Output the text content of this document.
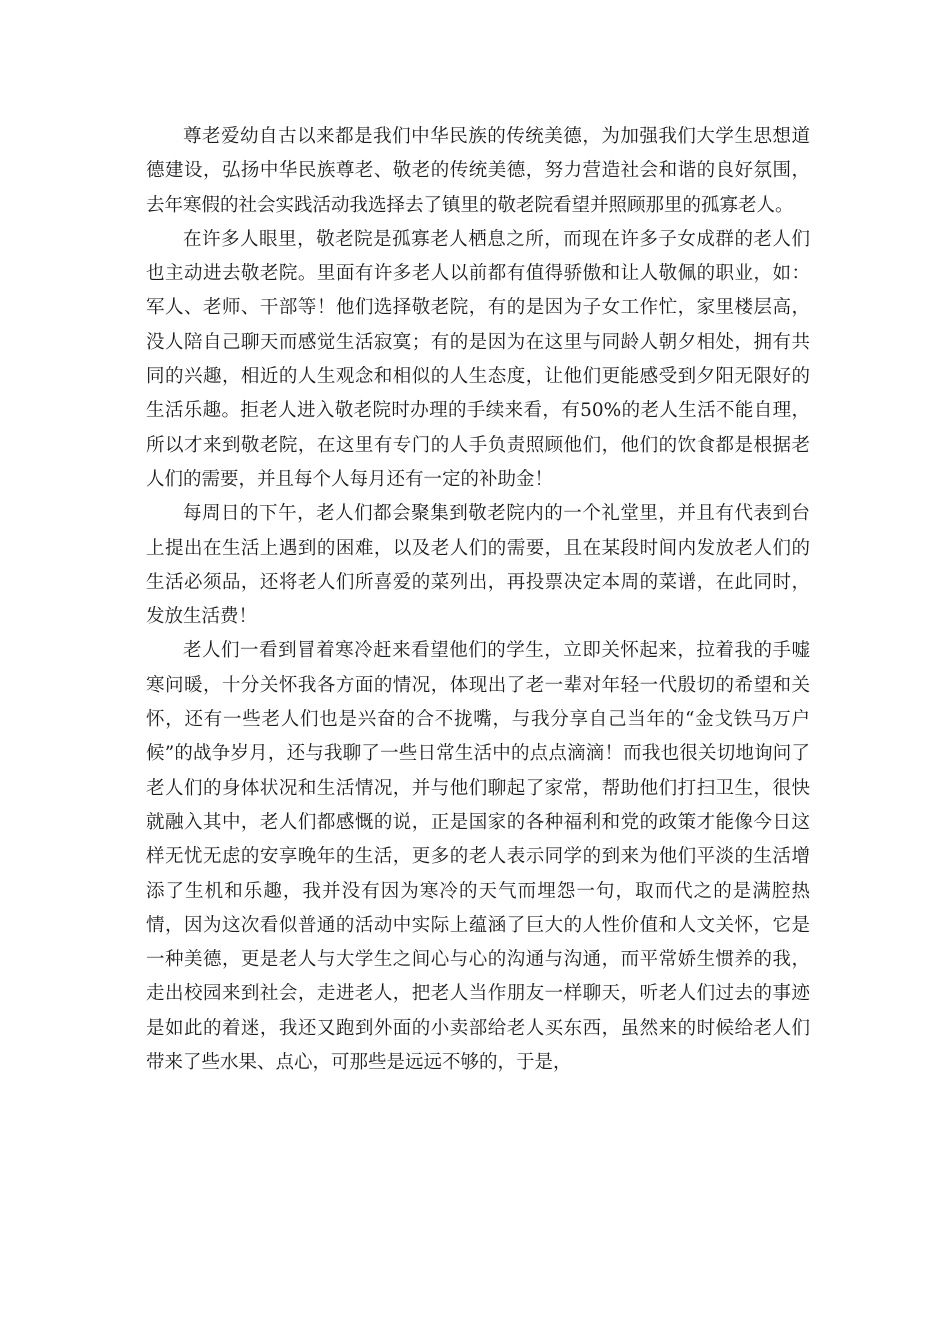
尊老爱幼自古以来都是我们中华民族的传统美德，为加强我们大学生思想道德建设，弘扬中华民族尊老、敬老的传统美德，努力营造社会和谐的良好氛围，去年寒假的社会实践活动我选择去了镇里的敬老院看望并照顾那里的孤寡老人。

在许多人眼里，敬老院是孤寡老人栖息之所，而现在许多子女成群的老人们也主动进去敬老院。里面有许多老人以前都有值得骄傲和让人敬佩的职业，如：军人、老师、干部等！他们选择敬老院，有的是因为子女工作忙，家里楼层高，没人陪自己聊天而感觉生活寂寞；有的是因为在这里与同龄人朝夕相处，拥有共同的兴趣，相近的人生观念和相似的人生态度，让他们更能感受到夕阳无限好的生活乐趣。拒老人进入敬老院时办理的手续来看，有50%的老人生活不能自理，所以才来到敬老院，在这里有专门的人手负责照顾他们，他们的饮食都是根据老人们的需要，并且每个人每月还有一定的补助金！

每周日的下午，老人们都会聚集到敬老院内的一个礼堂里，并且有代表到台上提出在生活上遇到的困难，以及老人们的需要，且在某段时间内发放老人们的生活必须品，还将老人们所喜爱的菜列出，再投票决定本周的菜谱，在此同时，发放生活费！

老人们一看到冒着寒冷赶来看望他们的学生，立即关怀起来，拉着我的手嘘寒问暖，十分关怀我各方面的情况，体现出了老一辈对年轻一代殷切的希望和关怀，还有一些老人们也是兴奋的合不拢嘴，与我分享自己当年的“金戈铁马万户候”的战争岁月，还与我聊了一些日常生活中的点点滴滴！而我也很关切地询问了老人们的身体状况和生活情况，并与他们聊起了家常，帮助他们打扫卫生，很快就融入其中，老人们都感慨的说，正是国家的各种福利和党的政策才能像今日这样无忧无虑的安享晚年的生活，更多的老人表示同学的到来为他们平淡的生活增添了生机和乐趣，我并没有因为寒冷的天气而埋怨一句，取而代之的是满腔热情，因为这次看似普通的活动中实际上蕴涵了巨大的人性价值和人文关怀，它是一种美德，更是老人与大学生之间心与心的沟通与沟通，而平常娇生惯养的我，走出校园来到社会，走进老人，把老人当作朋友一样聊天，听老人们过去的事迹是如此的着迷，我还又跑到外面的小卖部给老人买东西，虽然来的时候给老人们带来了些水果、点心，可那些是远远不够的，于是，
